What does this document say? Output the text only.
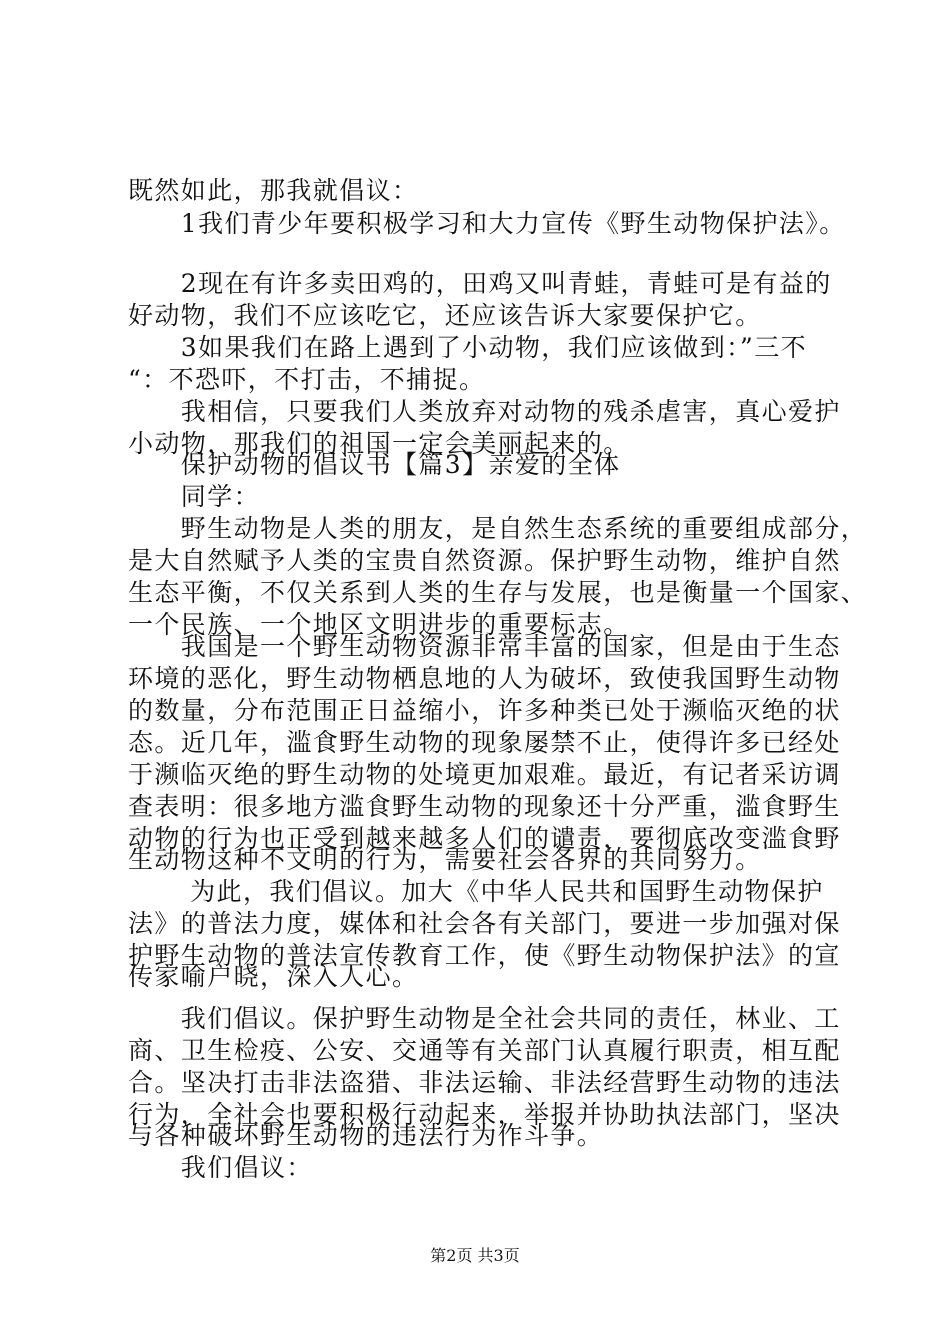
既然如此，那我就倡议：
　　1我们青少年要积极学习和大力宣传《野生动物保护法》。
　　2现在有许多卖田鸡的，田鸡又叫青蛙，青蛙可是有益的
好动物，我们不应该吃它，还应该告诉大家要保护它。
　　3如果我们在路上遇到了小动物，我们应该做到：”三不
“：不恐吓，不打击，不捕捉。
　　我相信，只要我们人类放弃对动物的残杀虐害，真心爱护
小动物，那我们的祖国一定会美丽起来的。
　　保护动物的倡议书【篇3】亲爱的全体
　　同学：
　　野生动物是人类的朋友，是自然生态系统的重要组成部分，
是大自然赋予人类的宝贵自然资源。保护野生动物，维护自然
生态平衡，不仅关系到人类的生存与发展，也是衡量一个国家、
一个民族、一个地区文明进步的重要标志。
　　我国是一个野生动物资源非常丰富的国家，但是由于生态
环境的恶化，野生动物栖息地的人为破坏，致使我国野生动物
的数量，分布范围正日益缩小，许多种类已处于濒临灭绝的状
态。近几年，滥食野生动物的现象屡禁不止，使得许多已经处
于濒临灭绝的野生动物的处境更加艰难。最近，有记者采访调
查表明：很多地方滥食野生动物的现象还十分严重，滥食野生
动物的行为也正受到越来越多人们的谴责，要彻底改变滥食野
生动物这种不文明的行为，需要社会各界的共同努力。
　　 为此，我们倡议。加大《中华人民共和国野生动物保护
法》的普法力度，媒体和社会各有关部门，要进一步加强对保
护野生动物的普法宣传教育工作，使《野生动物保护法》的宣
传家喻户晓，深入人心。
　　我们倡议。保护野生动物是全社会共同的责任，林业、工
商、卫生检疫、公安、交通等有关部门认真履行职责，相互配
合。坚决打击非法盗猎、非法运输、非法经营野生动物的违法
行为，全社会也要积极行动起来，举报并协助执法部门，坚决
与各种破坏野生动物的违法行为作斗争。
　　我们倡议：
第2页 共3页
